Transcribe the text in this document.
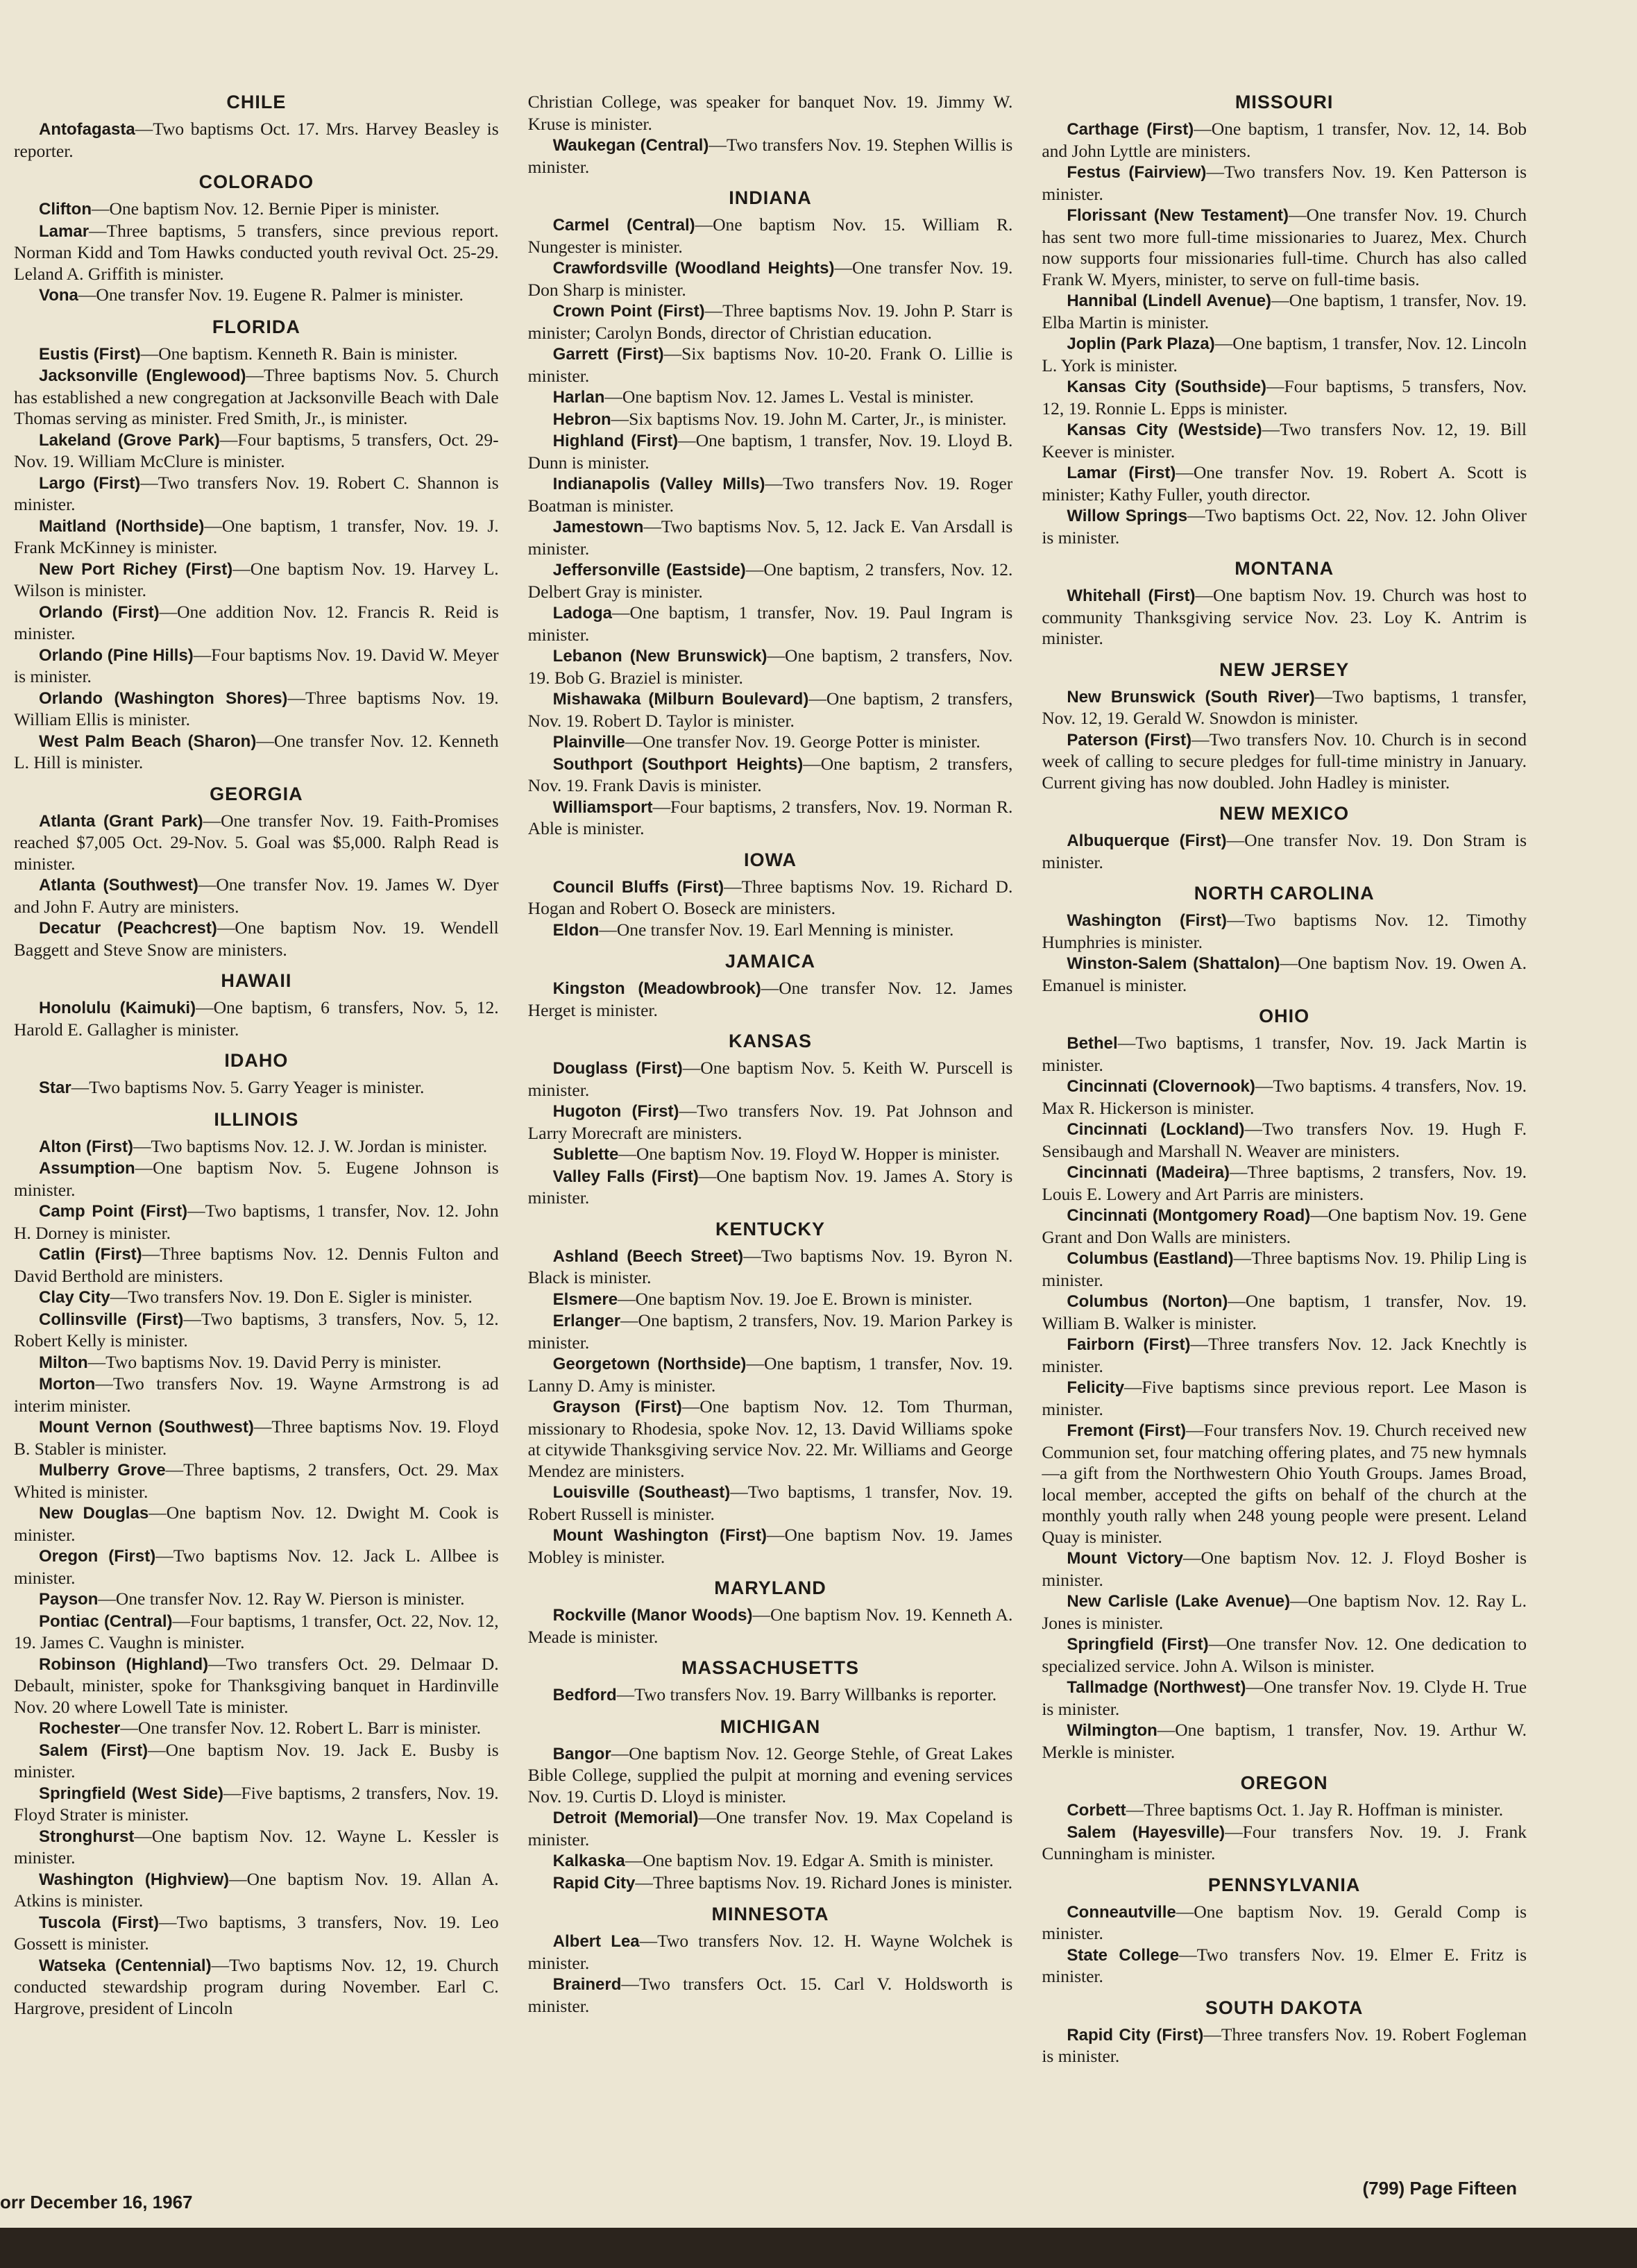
CHILE

Antofagasta—Two baptisms Oct. 17. Mrs. Harvey Beasley is reporter.

COLORADO

Clifton—One baptism Nov. 12. Bernie Piper is minister.

Lamar—Three baptisms, 5 transfers, since previous report. Norman Kidd and Tom Hawks conducted youth revival Oct. 25-29. Leland A. Griffith is minister.

Vona—One transfer Nov. 19. Eugene R. Palmer is minister.

FLORIDA

Eustis (First)—One baptism. Kenneth R. Bain is minister.

Jacksonville (Englewood)—Three baptisms Nov. 5. Church has established a new congregation at Jacksonville Beach with Dale Thomas serving as minister. Fred Smith, Jr., is minister.

Lakeland (Grove Park)—Four baptisms, 5 transfers, Oct. 29-Nov. 19. William McClure is minister.

Largo (First)—Two transfers Nov. 19. Robert C. Shannon is minister.

Maitland (Northside)—One baptism, 1 transfer, Nov. 19. J. Frank McKinney is minister.

New Port Richey (First)—One baptism Nov. 19. Harvey L. Wilson is minister.

Orlando (First)—One addition Nov. 12. Francis R. Reid is minister.

Orlando (Pine Hills)—Four baptisms Nov. 19. David W. Meyer is minister.

Orlando (Washington Shores)—Three baptisms Nov. 19. William Ellis is minister.

West Palm Beach (Sharon)—One transfer Nov. 12. Kenneth L. Hill is minister.

GEORGIA

Atlanta (Grant Park)—One transfer Nov. 19. Faith-Promises reached $7,005 Oct. 29-Nov. 5. Goal was $5,000. Ralph Read is minister.

Atlanta (Southwest)—One transfer Nov. 19. James W. Dyer and John F. Autry are ministers.

Decatur (Peachcrest)—One baptism Nov. 19. Wendell Baggett and Steve Snow are ministers.

HAWAII

Honolulu (Kaimuki)—One baptism, 6 transfers, Nov. 5, 12. Harold E. Gallagher is minister.

IDAHO

Star—Two baptisms Nov. 5. Garry Yeager is minister.

ILLINOIS

Alton (First)—Two baptisms Nov. 12. J. W. Jordan is minister.

Assumption—One baptism Nov. 5. Eugene Johnson is minister.

Camp Point (First)—Two baptisms, 1 transfer, Nov. 12. John H. Dorney is minister.

Catlin (First)—Three baptisms Nov. 12. Dennis Fulton and David Berthold are ministers.

Clay City—Two transfers Nov. 19. Don E. Sigler is minister.

Collinsville (First)—Two baptisms, 3 transfers, Nov. 5, 12. Robert Kelly is minister.

Milton—Two baptisms Nov. 19. David Perry is minister.

Morton—Two transfers Nov. 19. Wayne Armstrong is ad interim minister.

Mount Vernon (Southwest)—Three baptisms Nov. 19. Floyd B. Stabler is minister.

Mulberry Grove—Three baptisms, 2 transfers, Oct. 29. Max Whited is minister.

New Douglas—One baptism Nov. 12. Dwight M. Cook is minister.

Oregon (First)—Two baptisms Nov. 12. Jack L. Allbee is minister.

Payson—One transfer Nov. 12. Ray W. Pierson is minister.

Pontiac (Central)—Four baptisms, 1 transfer, Oct. 22, Nov. 12, 19. James C. Vaughn is minister.

Robinson (Highland)—Two transfers Oct. 29. Delmaar D. Debault, minister, spoke for Thanksgiving banquet in Hardinville Nov. 20 where Lowell Tate is minister.

Rochester—One transfer Nov. 12. Robert L. Barr is minister.

Salem (First)—One baptism Nov. 19. Jack E. Busby is minister.

Springfield (West Side)—Five baptisms, 2 transfers, Nov. 19. Floyd Strater is minister.

Stronghurst—One baptism Nov. 12. Wayne L. Kessler is minister.

Washington (Highview)—One baptism Nov. 19. Allan A. Atkins is minister.

Tuscola (First)—Two baptisms, 3 transfers, Nov. 19. Leo Gossett is minister.

Watseka (Centennial)—Two baptisms Nov. 12, 19. Church conducted stewardship program during November. Earl C. Hargrove, president of Lincoln

Christian College, was speaker for banquet Nov. 19. Jimmy W. Kruse is minister.

Waukegan (Central)—Two transfers Nov. 19. Stephen Willis is minister.

INDIANA

Carmel (Central)—One baptism Nov. 15. William R. Nungester is minister.

Crawfordsville (Woodland Heights)—One transfer Nov. 19. Don Sharp is minister.

Crown Point (First)—Three baptisms Nov. 19. John P. Starr is minister; Carolyn Bonds, director of Christian education.

Garrett (First)—Six baptisms Nov. 10-20. Frank O. Lillie is minister.

Harlan—One baptism Nov. 12. James L. Vestal is minister.

Hebron—Six baptisms Nov. 19. John M. Carter, Jr., is minister.

Highland (First)—One baptism, 1 transfer, Nov. 19. Lloyd B. Dunn is minister.

Indianapolis (Valley Mills)—Two transfers Nov. 19. Roger Boatman is minister.

Jamestown—Two baptisms Nov. 5, 12. Jack E. Van Arsdall is minister.

Jeffersonville (Eastside)—One baptism, 2 transfers, Nov. 12. Delbert Gray is minister.

Ladoga—One baptism, 1 transfer, Nov. 19. Paul Ingram is minister.

Lebanon (New Brunswick)—One baptism, 2 transfers, Nov. 19. Bob G. Braziel is minister.

Mishawaka (Milburn Boulevard)—One baptism, 2 transfers, Nov. 19. Robert D. Taylor is minister.

Plainville—One transfer Nov. 19. George Potter is minister.

Southport (Southport Heights)—One baptism, 2 transfers, Nov. 19. Frank Davis is minister.

Williamsport—Four baptisms, 2 transfers, Nov. 19. Norman R. Able is minister.

IOWA

Council Bluffs (First)—Three baptisms Nov. 19. Richard D. Hogan and Robert O. Boseck are ministers.

Eldon—One transfer Nov. 19. Earl Menning is minister.

JAMAICA

Kingston (Meadowbrook)—One transfer Nov. 12. James Herget is minister.

KANSAS

Douglass (First)—One baptism Nov. 5. Keith W. Purscell is minister.

Hugoton (First)—Two transfers Nov. 19. Pat Johnson and Larry Morecraft are ministers.

Sublette—One baptism Nov. 19. Floyd W. Hopper is minister.

Valley Falls (First)—One baptism Nov. 19. James A. Story is minister.

KENTUCKY

Ashland (Beech Street)—Two baptisms Nov. 19. Byron N. Black is minister.

Elsmere—One baptism Nov. 19. Joe E. Brown is minister.

Erlanger—One baptism, 2 transfers, Nov. 19. Marion Parkey is minister.

Georgetown (Northside)—One baptism, 1 transfer, Nov. 19. Lanny D. Amy is minister.

Grayson (First)—One baptism Nov. 12. Tom Thurman, missionary to Rhodesia, spoke Nov. 12, 13. David Williams spoke at citywide Thanksgiving service Nov. 22. Mr. Williams and George Mendez are ministers.

Louisville (Southeast)—Two baptisms, 1 transfer, Nov. 19. Robert Russell is minister.

Mount Washington (First)—One baptism Nov. 19. James Mobley is minister.

MARYLAND

Rockville (Manor Woods)—One baptism Nov. 19. Kenneth A. Meade is minister.

MASSACHUSETTS

Bedford—Two transfers Nov. 19. Barry Willbanks is reporter.

MICHIGAN

Bangor—One baptism Nov. 12. George Stehle, of Great Lakes Bible College, supplied the pulpit at morning and evening services Nov. 19. Curtis D. Lloyd is minister.

Detroit (Memorial)—One transfer Nov. 19. Max Copeland is minister.

Kalkaska—One baptism Nov. 19. Edgar A. Smith is minister.

Rapid City—Three baptisms Nov. 19. Richard Jones is minister.

MINNESOTA

Albert Lea—Two transfers Nov. 12. H. Wayne Wolchek is minister.

Brainerd—Two transfers Oct. 15. Carl V. Holdsworth is minister.

MISSOURI

Carthage (First)—One baptism, 1 transfer, Nov. 12, 14. Bob and John Lyttle are ministers.

Festus (Fairview)—Two transfers Nov. 19. Ken Patterson is minister.

Florissant (New Testament)—One transfer Nov. 19. Church has sent two more full-time missionaries to Juarez, Mex. Church now supports four missionaries full-time. Church has also called Frank W. Myers, minister, to serve on full-time basis.

Hannibal (Lindell Avenue)—One baptism, 1 transfer, Nov. 19. Elba Martin is minister.

Joplin (Park Plaza)—One baptism, 1 transfer, Nov. 12. Lincoln L. York is minister.

Kansas City (Southside)—Four baptisms, 5 transfers, Nov. 12, 19. Ronnie L. Epps is minister.

Kansas City (Westside)—Two transfers Nov. 12, 19. Bill Keever is minister.

Lamar (First)—One transfer Nov. 19. Robert A. Scott is minister; Kathy Fuller, youth director.

Willow Springs—Two baptisms Oct. 22, Nov. 12. John Oliver is minister.

MONTANA

Whitehall (First)—One baptism Nov. 19. Church was host to community Thanksgiving service Nov. 23. Loy K. Antrim is minister.

NEW JERSEY

New Brunswick (South River)—Two baptisms, 1 transfer, Nov. 12, 19. Gerald W. Snowdon is minister.

Paterson (First)—Two transfers Nov. 10. Church is in second week of calling to secure pledges for full-time ministry in January. Current giving has now doubled. John Hadley is minister.

NEW MEXICO

Albuquerque (First)—One transfer Nov. 19. Don Stram is minister.

NORTH CAROLINA

Washington (First)—Two baptisms Nov. 12. Timothy Humphries is minister.

Winston-Salem (Shattalon)—One baptism Nov. 19. Owen A. Emanuel is minister.

OHIO

Bethel—Two baptisms, 1 transfer, Nov. 19. Jack Martin is minister.

Cincinnati (Clovernook)—Two baptisms. 4 transfers, Nov. 19. Max R. Hickerson is minister.

Cincinnati (Lockland)—Two transfers Nov. 19. Hugh F. Sensibaugh and Marshall N. Weaver are ministers.

Cincinnati (Madeira)—Three baptisms, 2 transfers, Nov. 19. Louis E. Lowery and Art Parris are ministers.

Cincinnati (Montgomery Road)—One baptism Nov. 19. Gene Grant and Don Walls are ministers.

Columbus (Eastland)—Three baptisms Nov. 19. Philip Ling is minister.

Columbus (Norton)—One baptism, 1 transfer, Nov. 19. William B. Walker is minister.

Fairborn (First)—Three transfers Nov. 12. Jack Knechtly is minister.

Felicity—Five baptisms since previous report. Lee Mason is minister.

Fremont (First)—Four transfers Nov. 19. Church received new Communion set, four matching offering plates, and 75 new hymnals—a gift from the Northwestern Ohio Youth Groups. James Broad, local member, accepted the gifts on behalf of the church at the monthly youth rally when 248 young people were present. Leland Quay is minister.

Mount Victory—One baptism Nov. 12. J. Floyd Bosher is minister.

New Carlisle (Lake Avenue)—One baptism Nov. 12. Ray L. Jones is minister.

Springfield (First)—One transfer Nov. 12. One dedication to specialized service. John A. Wilson is minister.

Tallmadge (Northwest)—One transfer Nov. 19. Clyde H. True is minister.

Wilmington—One baptism, 1 transfer, Nov. 19. Arthur W. Merkle is minister.

OREGON

Corbett—Three baptisms Oct. 1. Jay R. Hoffman is minister.

Salem (Hayesville)—Four transfers Nov. 19. J. Frank Cunningham is minister.

PENNSYLVANIA

Conneautville—One baptism Nov. 19. Gerald Comp is minister.

State College—Two transfers Nov. 19. Elmer E. Fritz is minister.

SOUTH DAKOTA

Rapid City (First)—Three transfers Nov. 19. Robert Fogleman is minister.

orr December 16, 1967
(799) Page Fifteen
